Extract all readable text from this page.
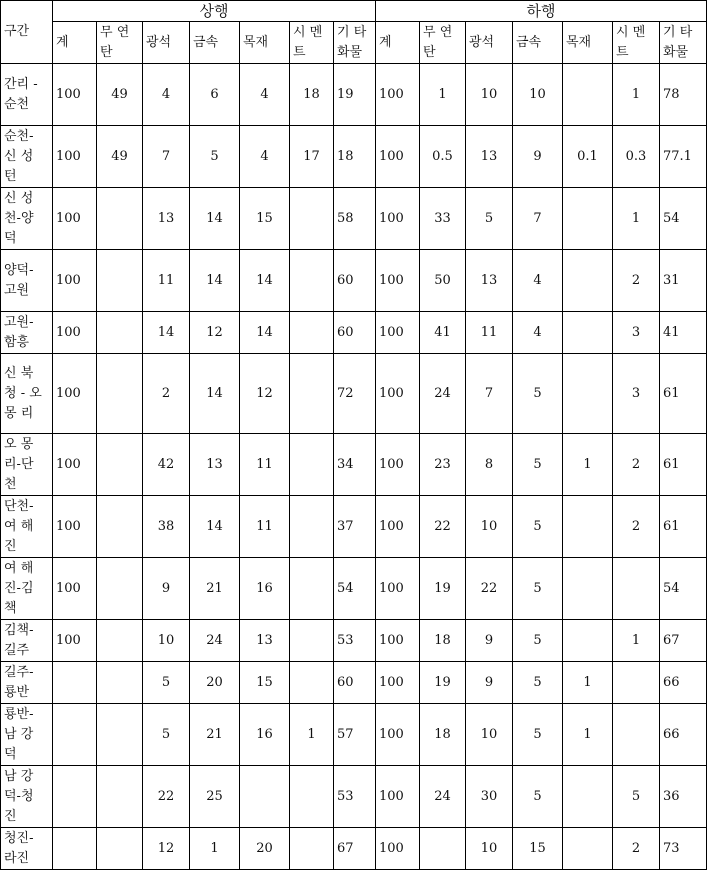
구간	상행							하행						
	계	무 연탄	광석	금속	목재	시 멘트	기 타 화물	계	무 연탄	광석	금속	목재	시 멘트	기 타 화물
간리 -순천	100	49	4	6	4	18	19	100	1	10	10		1	78
순천- 신 성 턴	100	49	7	5	4	17	18	100	0.5	13	9	0.1	0.3	77.1
신 성 천-양 덕	100		13	14	15		58	100	33	5	7		1	54
양덕- 고원	100		11	14	14		60	100	50	13	4		2	31
고원- 함흥	100		14	12	14		60	100	41	11	4		3	41
신 북 청 - 오 몽 리	100		2	14	12		72	100	24	7	5		3	61
오 몽 리-단 천	100		42	13	11		34	100	23	8	5	1	2	61
단천- 여 해 진	100		38	14	11		37	100	22	10	5		2	61
여 해 진-김 책	100		9	21	16		54	100	19	22	5			54
김책- 길주	100		10	24	13		53	100	18	9	5		1	67
길주- 룡반			5	20	15		60	100	19	9	5	1		66
룡반- 남 강 덕			5	21	16	1	57	100	18	10	5	1		66
남 강 덕-청 진			22	25			53	100	24	30	5		5	36
청진- 라진			12	1	20		67	100		10	15		2	73
